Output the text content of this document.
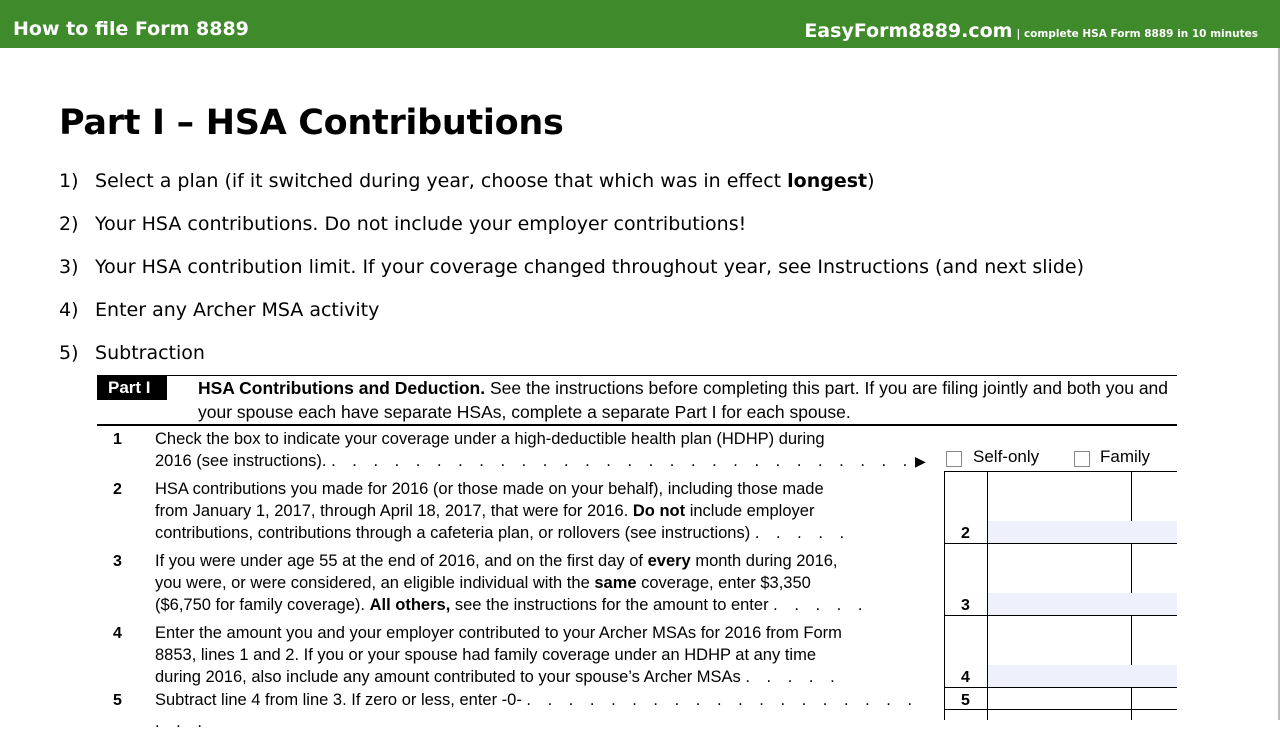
How to file Form 8889	EasyForm8889.com | complete HSA Form 8889 in 10 minutes
Part I – HSA Contributions
1) Select a plan (if it switched during year, choose that which was in effect longest)
2) Your HSA contributions. Do not include your employer contributions!
3) Your HSA contribution limit. If your coverage changed throughout year, see Instructions (and next slide)
4) Enter any Archer MSA activity
5) Subtraction
Part I	HSA Contributions and Deduction. See the instructions before completing this part. If you are filing jointly and both you and your spouse each have separate HSAs, complete a separate Part I for each spouse.
1 Check the box to indicate your coverage under a high-deductible health plan (HDHP) during

2016 (see instructions). . . . . . . . . . . . . . . . . . . . . . . . . . . . . ▶	Self-only	Family
2 HSA contributions you made for 2016 (or those made on your behalf), including those made

from January 1, 2017, through April 18, 2017, that were for 2016. Do not include employer

contributions, contributions through a cafeteria plan, or rollovers (see instructions) . . . . .	2
3 If you were under age 55 at the end of 2016, and on the first day of every month during 2016,

you were, or were considered, an eligible individual with the same coverage, enter $3,350

($6,750 for family coverage). All others, see the instructions for the amount to enter . . . . .	3
4 Enter the amount you and your employer contributed to your Archer MSAs for 2016 from Form

8853, lines 1 and 2. If you or your spouse had family coverage under an HDHP at any time

during 2016, also include any amount contributed to your spouse’s Archer MSAs . . . . .	4
5 Subtract line 4 from line 3. If zero or less, enter -0- . . . . . . . . . . . . . . . . . . . . . .

5
